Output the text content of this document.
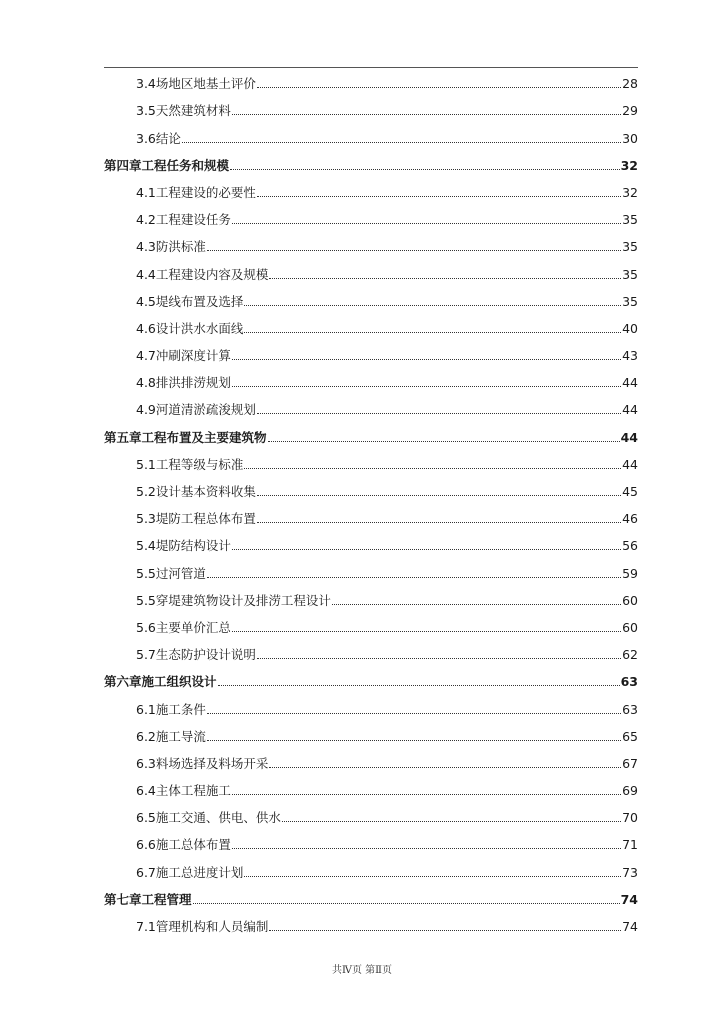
3.4场地区地基土评价	28
3.5天然建筑材料	29
3.6结论	30
第四章工程任务和规模	32
4.1工程建设的必要性	32
4.2工程建设任务	35
4.3防洪标准	35
4.4工程建设内容及规模	35
4.5堤线布置及选择	35
4.6设计洪水水面线	40
4.7冲刷深度计算	43
4.8排洪排涝规划	44
4.9河道清淤疏浚规划	44
第五章工程布置及主要建筑物	44
5.1工程等级与标准	44
5.2设计基本资料收集	45
5.3堤防工程总体布置	46
5.4堤防结构设计	56
5.5过河管道	59
5.5穿堤建筑物设计及排涝工程设计	60
5.6主要单价汇总	60
5.7生态防护设计说明	62
第六章施工组织设计	63
6.1施工条件	63
6.2施工导流	65
6.3料场选择及料场开采	67
6.4主体工程施工	69
6.5施工交通、供电、供水	70
6.6施工总体布置	71
6.7施工总进度计划	73
第七章工程管理	74
7.1管理机构和人员编制	74
共Ⅳ页 第Ⅱ页
